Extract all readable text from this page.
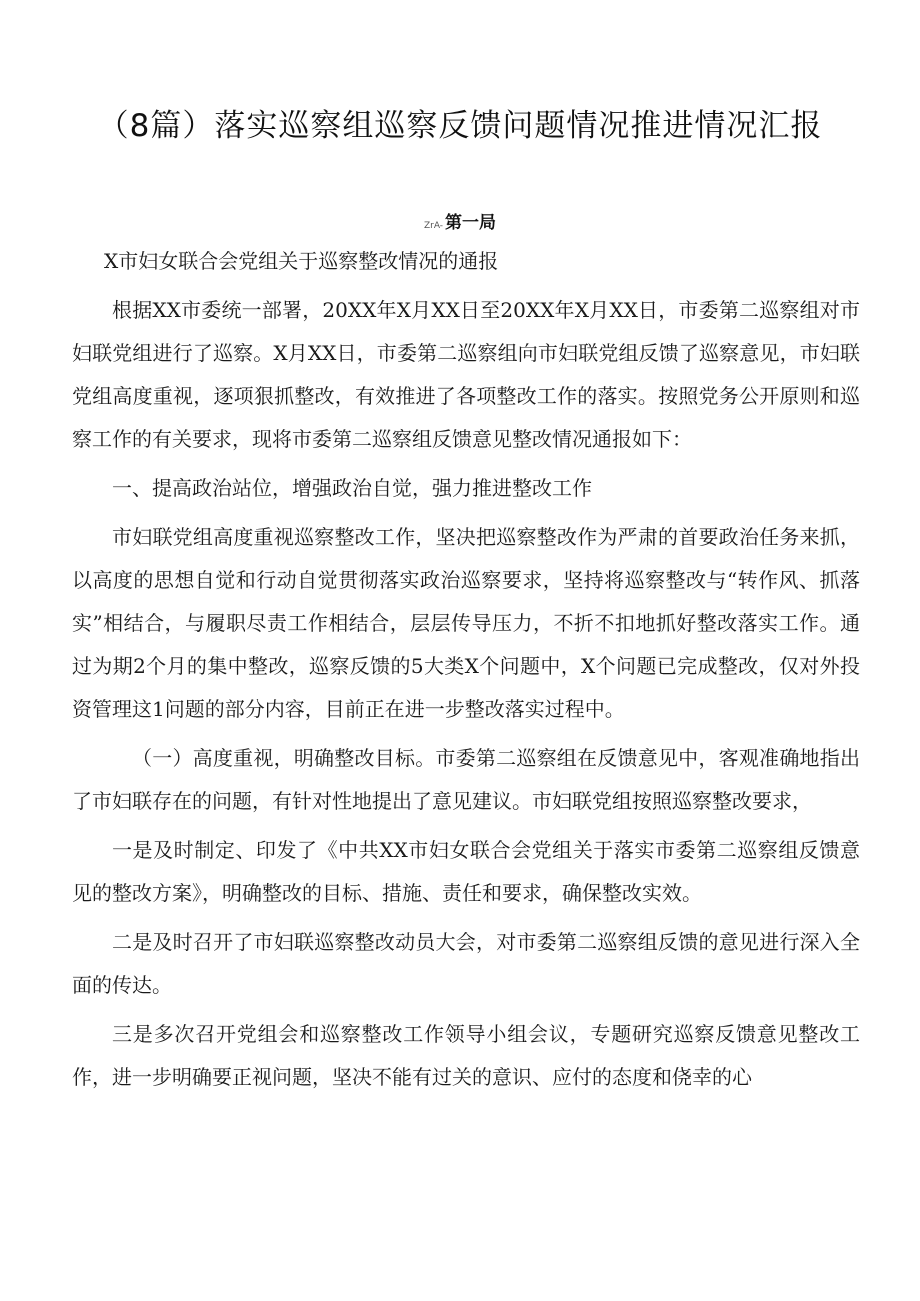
（8篇）落实巡察组巡察反馈问题情况推进情况汇报
ZrA- 第一局

X市妇女联合会党组关于巡察整改情况的通报

根据XX市委统一部署，20XX年X月XX日至20XX年X月XX日，市委第二巡察组对市妇联党组进行了巡察。X月XX日，市委第二巡察组向市妇联党组反馈了巡察意见，市妇联党组高度重视，逐项狠抓整改，有效推进了各项整改工作的落实。按照党务公开原则和巡察工作的有关要求，现将市委第二巡察组反馈意见整改情况通报如下：

一、提高政治站位，增强政治自觉，强力推进整改工作

市妇联党组高度重视巡察整改工作，坚决把巡察整改作为严肃的首要政治任务来抓，以高度的思想自觉和行动自觉贯彻落实政治巡察要求，坚持将巡察整改与“转作风、抓落实”相结合，与履职尽责工作相结合，层层传导压力，不折不扣地抓好整改落实工作。通过为期2个月的集中整改，巡察反馈的5大类X个问题中，X个问题已完成整改，仅对外投资管理这1问题的部分内容，目前正在进一步整改落实过程中。

（一）高度重视，明确整改目标。市委第二巡察组在反馈意见中，客观准确地指出了市妇联存在的问题，有针对性地提出了意见建议。市妇联党组按照巡察整改要求，

一是及时制定、印发了《中共XX市妇女联合会党组关于落实市委第二巡察组反馈意见的整改方案》，明确整改的目标、措施、责任和要求，确保整改实效。

二是及时召开了市妇联巡察整改动员大会，对市委第二巡察组反馈的意见进行深入全面的传达。

三是多次召开党组会和巡察整改工作领导小组会议，专题研究巡察反馈意见整改工作，进一步明确要正视问题，坚决不能有过关的意识、应付的态度和侥幸的心
